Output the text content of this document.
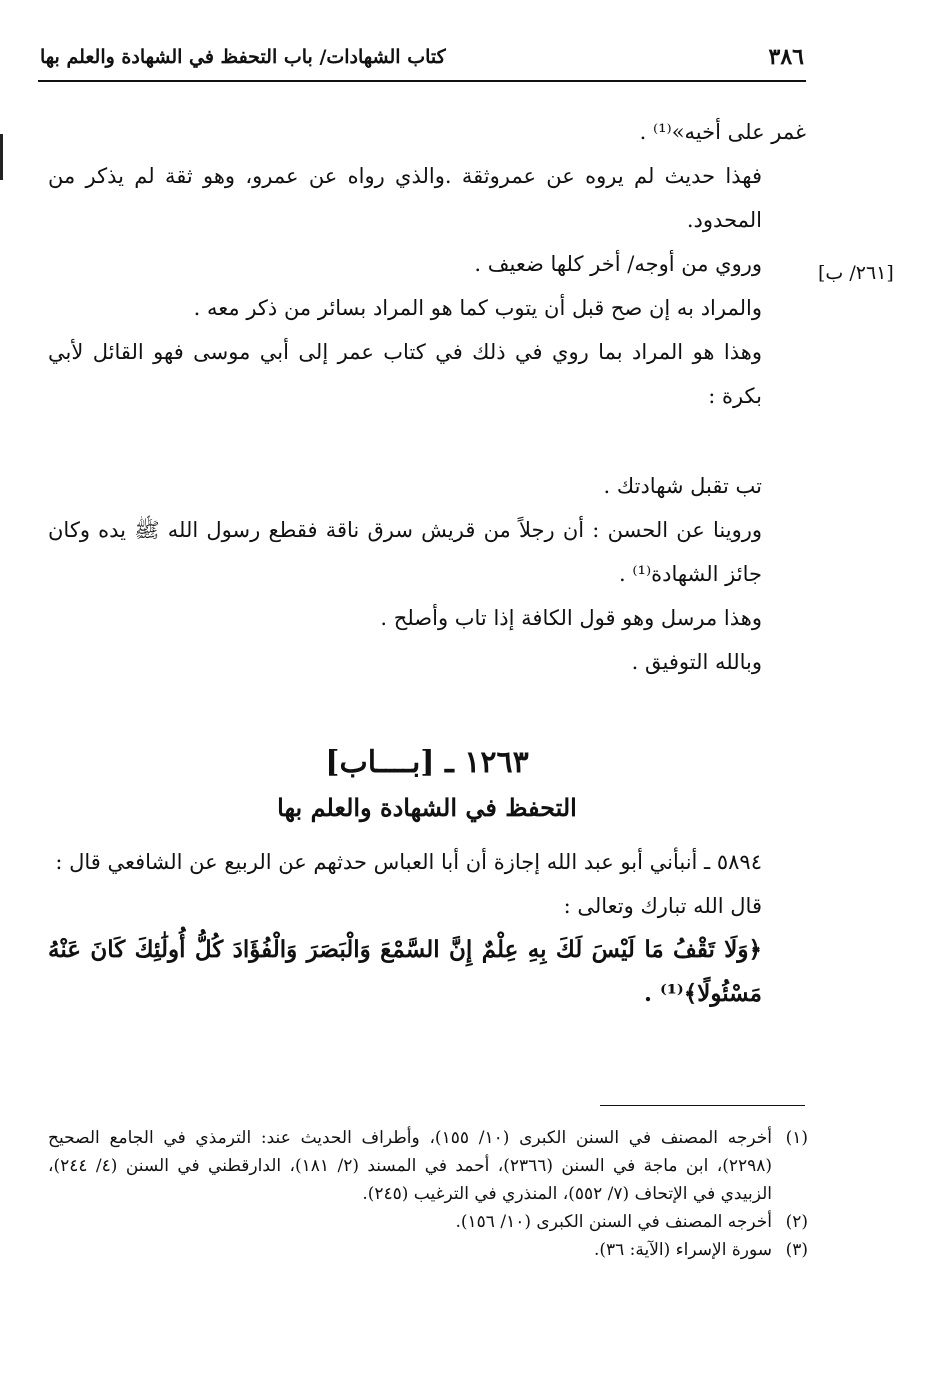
٣٨٦
كتاب الشهادات/ باب التحفظ في الشهادة والعلم بها
[٢٦١/ ب]

غمر على أخيه»⁽¹⁾ .

فهذا حديث لم يروه عن عمروثقة .والذي رواه عن عمرو، وهو ثقة لم يذكر من المحدود.

وروي من أوجه/ أخر كلها ضعيف .

والمراد به إن صح قبل أن يتوب كما هو المراد بسائر من ذكر معه .

وهذا هو المراد بما روي في ذلك في كتاب عمر إلى أبي موسى فهو القائل لأبي بكرة :

تب تقبل شهادتك .

وروينا عن الحسن : أن رجلاً من قريش سرق ناقة فقطع رسول الله ﷺ يده وكان جائز الشهادة⁽¹⁾ .

وهذا مرسل وهو قول الكافة إذا تاب وأصلح .

وبالله التوفيق .

١٢٦٣ ـ [بــــاب]
التحفظ في الشهادة والعلم بها

٥٨٩٤ ـ أنبأني أبو عبد الله إجازة أن أبا العباس حدثهم عن الربيع عن الشافعي قال :

قال الله تبارك وتعالى :

﴿وَلَا تَقْفُ مَا لَيْسَ لَكَ بِهِ عِلْمٌ إِنَّ السَّمْعَ وَالْبَصَرَ وَالْفُؤَادَ كُلُّ أُولَٰئِكَ كَانَ عَنْهُ مَسْئُولًا﴾⁽¹⁾ .

(١)
أخرجه المصنف في السنن الكبرى (١٠/ ١٥٥)، وأطراف الحديث عند: الترمذي في الجامع الصحيح (٢٢٩٨)، ابن ماجة في السنن (٢٣٦٦)، أحمد في المسند (٢/ ١٨١)، الدارقطني في السنن (٤/ ٢٤٤)، الزبيدي في الإتحاف (٧/ ٥٥٢)، المنذري في الترغيب (٢٤٥).
(٢)
أخرجه المصنف في السنن الكبرى (١٠/ ١٥٦).
(٣)
سورة الإسراء (الآية: ٣٦).
